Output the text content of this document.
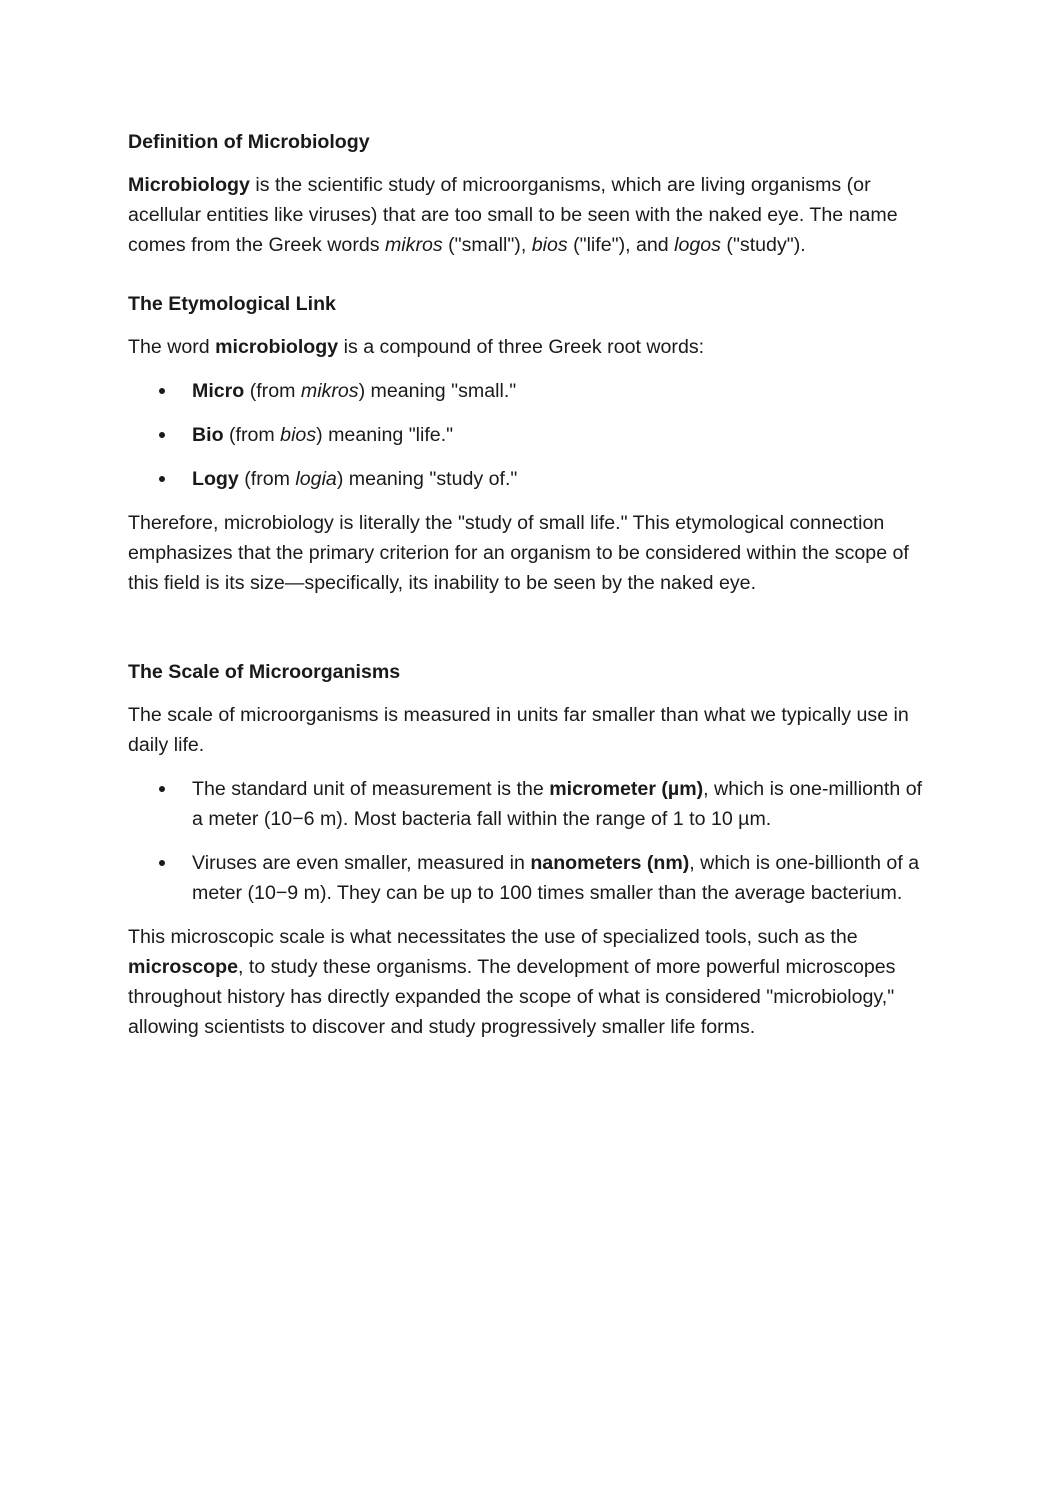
Definition of Microbiology

Microbiology is the scientific study of microorganisms, which are living organisms (or acellular entities like viruses) that are too small to be seen with the naked eye. The name comes from the Greek words mikros ("small"), bios ("life"), and logos ("study").

The Etymological Link

The word microbiology is a compound of three Greek root words:

Micro (from mikros) meaning "small."
Bio (from bios) meaning "life."
Logy (from logia) meaning "study of."

Therefore, microbiology is literally the "study of small life." This etymological connection emphasizes that the primary criterion for an organism to be considered within the scope of this field is its size—specifically, its inability to be seen by the naked eye.

The Scale of Microorganisms

The scale of microorganisms is measured in units far smaller than what we typically use in daily life.

The standard unit of measurement is the micrometer (µm), which is one-millionth of a meter (10−6 m). Most bacteria fall within the range of 1 to 10 µm.
Viruses are even smaller, measured in nanometers (nm), which is one-billionth of a meter (10−9 m). They can be up to 100 times smaller than the average bacterium.

This microscopic scale is what necessitates the use of specialized tools, such as the microscope, to study these organisms. The development of more powerful microscopes throughout history has directly expanded the scope of what is considered "microbiology," allowing scientists to discover and study progressively smaller life forms.
